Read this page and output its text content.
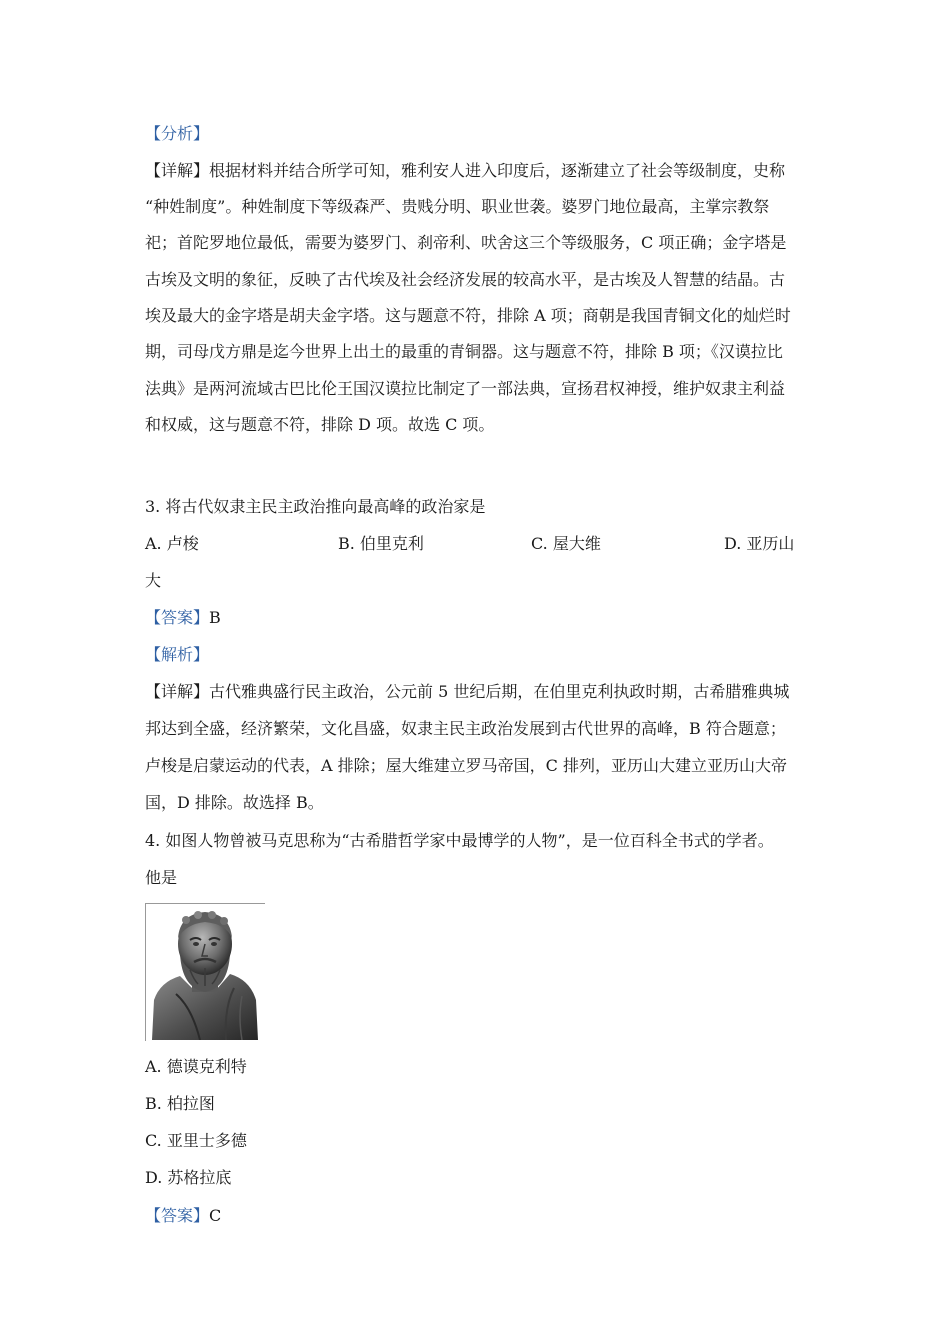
【分析】
【详解】根据材料并结合所学可知，雅利安人进入印度后，逐渐建立了社会等级制度，史称
“种姓制度”。种姓制度下等级森严、贵贱分明、职业世袭。婆罗门地位最高，主掌宗教祭
祀；首陀罗地位最低，需要为婆罗门、刹帝利、吠舍这三个等级服务，C 项正确；金字塔是
古埃及文明的象征，反映了古代埃及社会经济发展的较高水平，是古埃及人智慧的结晶。古
埃及最大的金字塔是胡夫金字塔。这与题意不符，排除 A 项；商朝是我国青铜文化的灿烂时
期，司母戊方鼎是迄今世界上出土的最重的青铜器。这与题意不符，排除 B 项；《汉谟拉比
法典》是两河流域古巴比伦王国汉谟拉比制定了一部法典，宣扬君权神授，维护奴隶主利益
和权威，这与题意不符，排除 D 项。故选 C 项。
3. 将古代奴隶主民主政治推向最高峰的政治家是
A. 卢梭	B. 伯里克利	C. 屋大维	D. 亚历山
大
【答案】B
【解析】
【详解】古代雅典盛行民主政治，公元前 5 世纪后期，在伯里克利执政时期，古希腊雅典城
邦达到全盛，经济繁荣，文化昌盛，奴隶主民主政治发展到古代世界的高峰，B 符合题意；
卢梭是启蒙运动的代表，A 排除；屋大维建立罗马帝国，C 排列，亚历山大建立亚历山大帝
国，D 排除。故选择 B。
4. 如图人物曾被马克思称为“古希腊哲学家中最博学的人物”，是一位百科全书式的学者。
他是
A. 德谟克利特
B. 柏拉图
C. 亚里士多德
D. 苏格拉底
【答案】C
